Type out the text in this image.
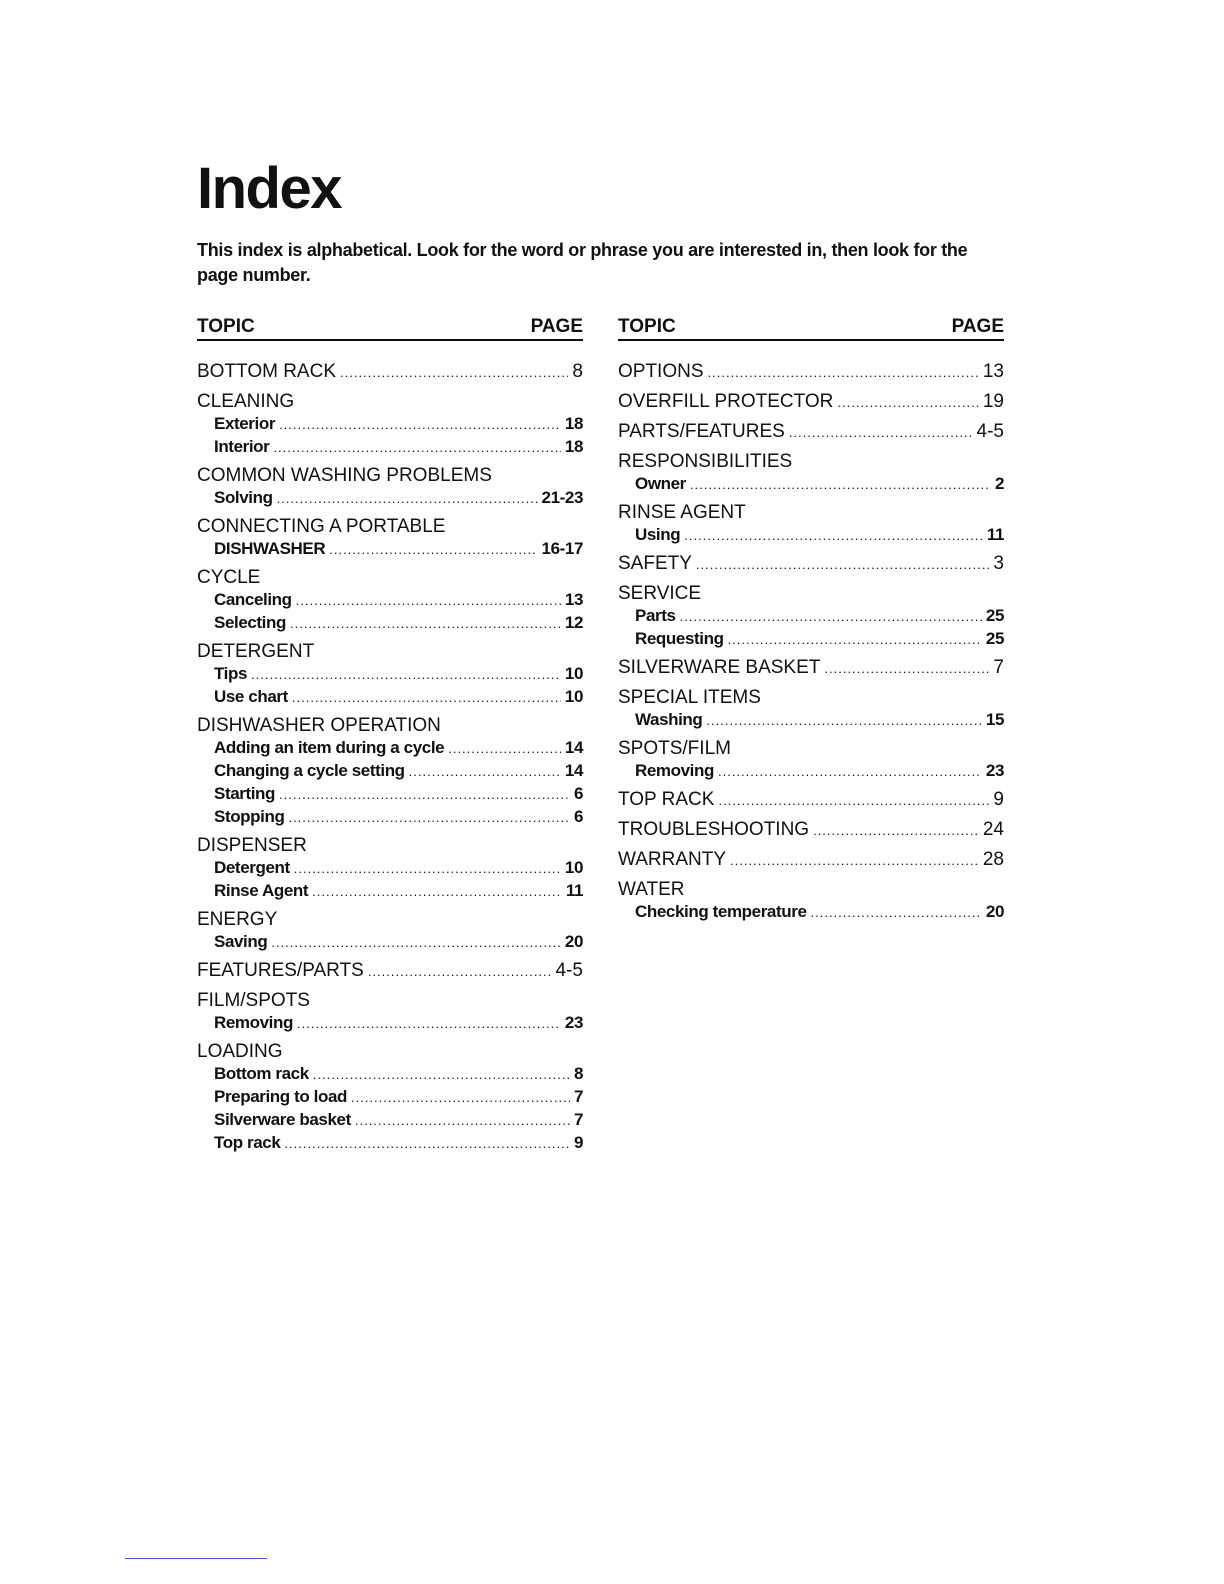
Index

This index is alphabetical. Look for the word or phrase you are interested in, then look for the page number.

TOPIC	PAGE
BOTTOM RACK .....	8
CLEANING
Exterior .....	18
Interior .....	18
COMMON WASHING PROBLEMS
Solving .....	21-23
CONNECTING A PORTABLE
DISHWASHER .....	16-17
CYCLE
Canceling .....	13
Selecting .....	12
DETERGENT
Tips .....	10
Use chart .....	10
DISHWASHER OPERATION
Adding an item during a cycle .....	14
Changing a cycle setting .....	14
Starting .....	6
Stopping .....	6
DISPENSER
Detergent .....	10
Rinse Agent .....	11
ENERGY
Saving .....	20
FEATURES/PARTS .....	4-5
FILM/SPOTS
Removing .....	23
LOADING
Bottom rack .....	8
Preparing to load .....	7
Silverware basket .....	7
Top rack .....	9
TOPIC	PAGE
OPTIONS .....	13
OVERFILL PROTECTOR .....	19
PARTS/FEATURES .....	4-5
RESPONSIBILITIES
Owner .....	2
RINSE AGENT
Using .....	11
SAFETY .....	3
SERVICE
Parts .....	25
Requesting .....	25
SILVERWARE BASKET .....	7
SPECIAL ITEMS
Washing .....	15
SPOTS/FILM
Removing .....	23
TOP RACK .....	9
TROUBLESHOOTING .....	24
WARRANTY .....	28
WATER
Checking temperature .....	20
